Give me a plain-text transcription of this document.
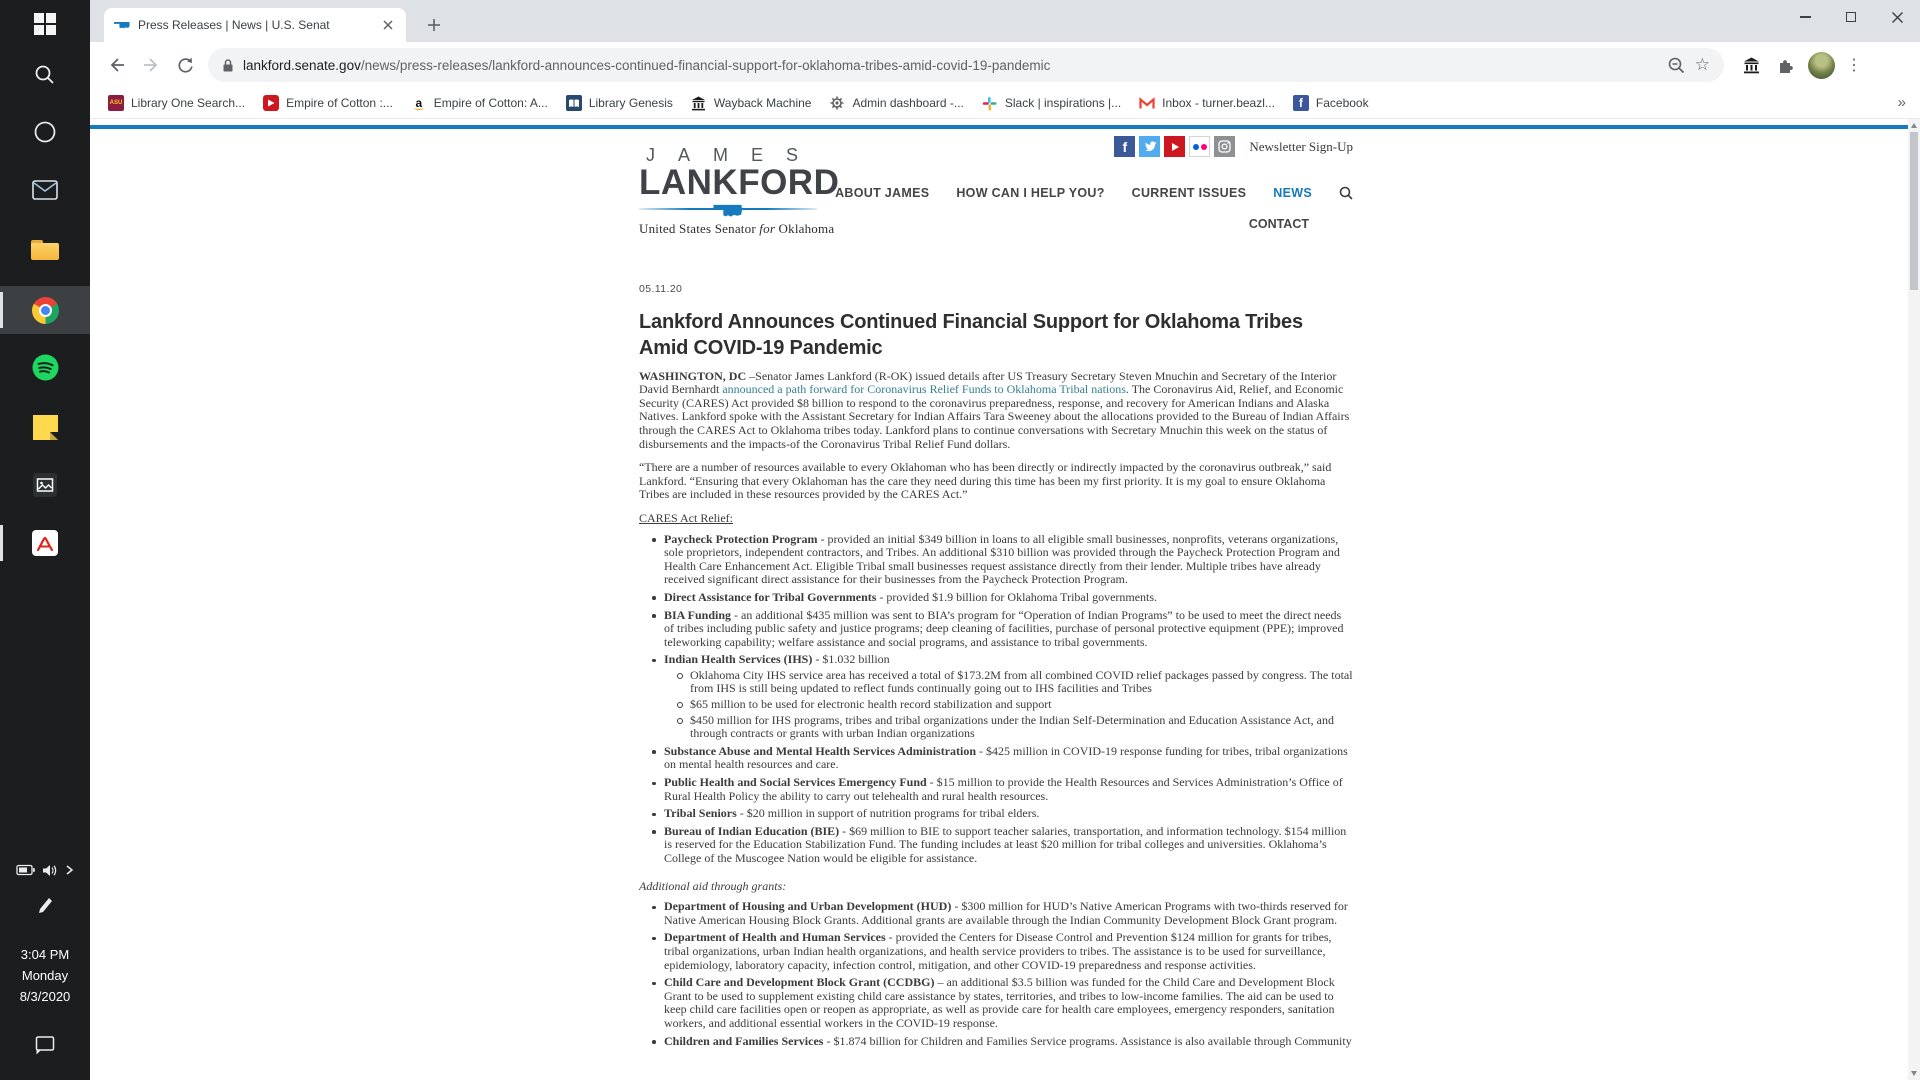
3:04 PM
Monday
8/3/2020
Press Releases | News | U.S. Senat
lankford.senate.gov/news/press-releases/lankford-announces-continued-financial-support-for-oklahoma-tribes-amid-covid-19-pandemic
☆
⋮
ASU
Library One Search...	Empire of Cotton :... a	Empire of Cotton: A...	Library Genesis	Wayback Machine	Admin dashboard -...	Slack | inspirations |...	Inbox - turner.beazl... f	Facebook
»
f
Newsletter Sign-Up
JAMES
LANKFORD
United States Senator for Oklahoma
ABOUT JAMES HOW CAN I HELP YOU? CURRENT ISSUES NEWS
CONTACT
05.11.20
Lankford Announces Continued Financial Support for Oklahoma Tribes Amid COVID-19 Pandemic

WASHINGTON, DC –Senator James Lankford (R-OK) issued details after US Treasury Secretary Steven Mnuchin and Secretary of the Interior David Bernhardt announced a path forward for Coronavirus Relief Funds to Oklahoma Tribal nations. The Coronavirus Aid, Relief, and Economic Security (CARES) Act provided $8 billion to respond to the coronavirus preparedness, response, and recovery for American Indians and Alaska Natives. Lankford spoke with the Assistant Secretary for Indian Affairs Tara Sweeney about the allocations provided to the Bureau of Indian Affairs through the CARES Act to Oklahoma tribes today. Lankford plans to continue conversations with Secretary Mnuchin this week on the status of disbursements and the impacts-of the Coronavirus Tribal Relief Fund dollars.

“There are a number of resources available to every Oklahoman who has been directly or indirectly impacted by the coronavirus outbreak,” said Lankford. “Ensuring that every Oklahoman has the care they need during this time has been my first priority. It is my goal to ensure Oklahoma Tribes are included in these resources provided by the CARES Act.”

CARES Act Relief:
Paycheck Protection Program - provided an initial $349 billion in loans to all eligible small businesses, nonprofits, veterans organizations, sole proprietors, independent contractors, and Tribes. An additional $310 billion was provided through the Paycheck Protection Program and Health Care Enhancement Act. Eligible Tribal small businesses request assistance directly from their lender. Multiple tribes have already received significant direct assistance for their businesses from the Paycheck Protection Program.
Direct Assistance for Tribal Governments - provided $1.9 billion for Oklahoma Tribal governments.
BIA Funding - an additional $435 million was sent to BIA’s program for “Operation of Indian Programs” to be used to meet the direct needs of tribes including public safety and justice programs; deep cleaning of facilities, purchase of personal protective equipment (PPE); improved teleworking capability; welfare assistance and social programs, and assistance to tribal governments.
Indian Health Services (IHS) - $1.032 billion
Oklahoma City IHS service area has received a total of $173.2M from all combined COVID relief packages passed by congress. The total from IHS is still being updated to reflect funds continually going out to IHS facilities and Tribes
$65 million to be used for electronic health record stabilization and support
$450 million for IHS programs, tribes and tribal organizations under the Indian Self-Determination and Education Assistance Act, and through contracts or grants with urban Indian organizations
Substance Abuse and Mental Health Services Administration - $425 million in COVID-19 response funding for tribes, tribal organizations on mental health resources and care.
Public Health and Social Services Emergency Fund - $15 million to provide the Health Resources and Services Administration’s Office of Rural Health Policy the ability to carry out telehealth and rural health resources.
Tribal Seniors - $20 million in support of nutrition programs for tribal elders.
Bureau of Indian Education (BIE) - $69 million to BIE to support teacher salaries, transportation, and information technology. $154 million is reserved for the Education Stabilization Fund. The funding includes at least $20 million for tribal colleges and universities. Oklahoma’s College of the Muscogee Nation would be eligible for assistance.

Additional aid through grants:

Department of Housing and Urban Development (HUD) - $300 million for HUD’s Native American Programs with two-thirds reserved for Native American Housing Block Grants. Additional grants are available through the Indian Community Development Block Grant program.
Department of Health and Human Services - provided the Centers for Disease Control and Prevention $124 million for grants for tribes, tribal organizations, urban Indian health organizations, and health service providers to tribes. The assistance is to be used for surveillance, epidemiology, laboratory capacity, infection control, mitigation, and other COVID-19 preparedness and response activities.
Child Care and Development Block Grant (CCDBG) – an additional $3.5 billion was funded for the Child Care and Development Block Grant to be used to supplement existing child care assistance by states, territories, and tribes to low-income families. The aid can be used to keep child care facilities open or reopen as appropriate, as well as provide care for health care employees, emergency responders, sanitation workers, and additional essential workers in the COVID-19 response.
Children and Families Services - $1.874 billion for Children and Families Service programs. Assistance is also available through Community
